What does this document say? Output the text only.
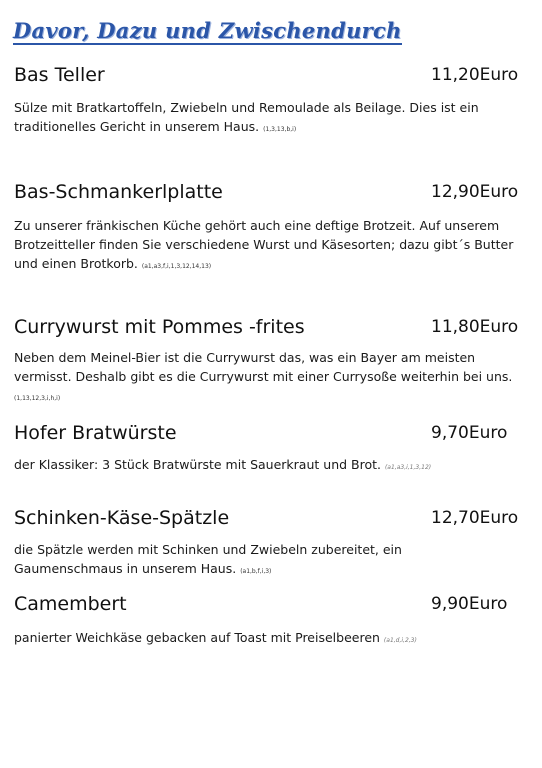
Davor, Dazu und Zwischendurch
Bas Teller	11,20Euro
Sülze mit Bratkartoffeln, Zwiebeln und Remoulade als Beilage. Dies ist ein traditionelles Gericht in unserem Haus. (1,3,13,b,i)
Bas-Schmankerlplatte	12,90Euro
Zu unserer fränkischen Küche gehört auch eine deftige Brotzeit. Auf unserem Brotzeitteller finden Sie verschiedene Wurst und Käsesorten; dazu gibt´s Butter und einen Brotkorb. (a1,a3,f,i,1,3,12,14,13)
Currywurst mit Pommes -frites	11,80Euro
Neben dem Meinel-Bier ist die Currywurst das, was ein Bayer am meisten vermisst. Deshalb gibt es die Currywurst mit einer Currysoße weiterhin bei uns. (1,13,12,3,i,h,i)
Hofer Bratwürste	9,70Euro
der Klassiker: 3 Stück Bratwürste mit Sauerkraut und Brot. (a1,a3,i,1,3,12)
Schinken-Käse-Spätzle	12,70Euro
die Spätzle werden mit Schinken und Zwiebeln zubereitet, ein Gaumenschmaus in unserem Haus. (a1,b,f,i,3)
Camembert	9,90Euro
panierter Weichkäse gebacken auf Toast mit Preiselbeeren (a1,d,i,2,3)
